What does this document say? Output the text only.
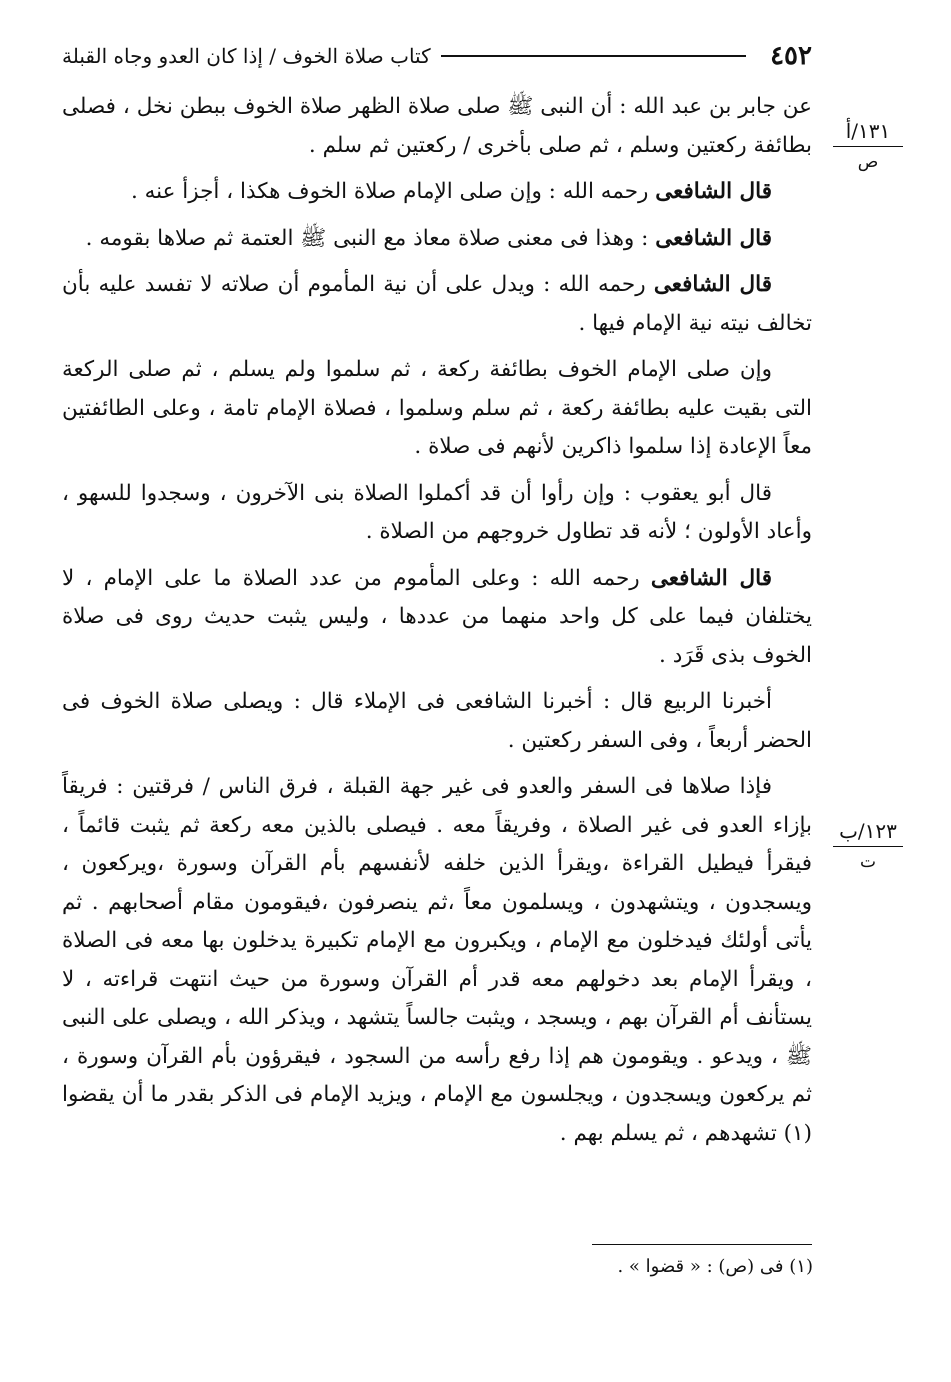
٤٥٢
كتاب صلاة الخوف / إذا كان العدو وجاه القبلة
١٣١/أ
ص
١٢٣/ب
ت

عن جابر بن عبد الله : أن النبى ﷺ صلى صلاة الظهر صلاة الخوف ببطن نخل ، فصلى بطائفة ركعتين وسلم ، ثم صلى بأخرى / ركعتين ثم سلم .

قال الشافعى رحمه الله : وإن صلى الإمام صلاة الخوف هكذا ، أجزأ عنه .

قال الشافعى : وهذا فى معنى صلاة معاذ مع النبى ﷺ العتمة ثم صلاها بقومه .

قال الشافعى رحمه الله : ويدل على أن نية المأموم أن صلاته لا تفسد عليه بأن تخالف نيته نية الإمام فيها .

وإن صلى الإمام الخوف بطائفة ركعة ، ثم سلموا ولم يسلم ، ثم صلى الركعة التى بقيت عليه بطائفة ركعة ، ثم سلم وسلموا ، فصلاة الإمام تامة ، وعلى الطائفتين معاً الإعادة إذا سلموا ذاكرين لأنهم فى صلاة .

قال أبو يعقوب : وإن رأوا أن قد أكملوا الصلاة بنى الآخرون ، وسجدوا للسهو ، وأعاد الأولون ؛ لأنه قد تطاول خروجهم من الصلاة .

قال الشافعى رحمه الله : وعلى المأموم من عدد الصلاة ما على الإمام ، لا يختلفان فيما على كل واحد منهما من عددها ، وليس يثبت حديث روى فى صلاة الخوف بذى قَرَد .

أخبرنا الربيع قال : أخبرنا الشافعى فى الإملاء قال : ويصلى صلاة الخوف فى الحضر أربعاً ، وفى السفر ركعتين .

فإذا صلاها فى السفر والعدو فى غير جهة القبلة ، فرق الناس / فرقتين : فريقاً بإزاء العدو فى غير الصلاة ، وفريقاً معه . فيصلى بالذين معه ركعة ثم يثبت قائماً ، فيقرأ فيطيل القراءة ،ويقرأ الذين خلفه لأنفسهم بأم القرآن وسورة ،ويركعون ، ويسجدون ، ويتشهدون ، ويسلمون معاً ،ثم ينصرفون ،فيقومون مقام أصحابهم . ثم يأتى أولئك فيدخلون مع الإمام ، ويكبرون مع الإمام تكبيرة يدخلون بها معه فى الصلاة ، ويقرأ الإمام بعد دخولهم معه قدر أم القرآن وسورة من حيث انتهت قراءته ، لا يستأنف أم القرآن بهم ، ويسجد ، ويثبت جالساً يتشهد ، ويذكر الله ، ويصلى على النبى ﷺ ، ويدعو . ويقومون هم إذا رفع رأسه من السجود ، فيقرؤون بأم القرآن وسورة ، ثم يركعون ويسجدون ، ويجلسون مع الإمام ، ويزيد الإمام فى الذكر بقدر ما أن يقضوا (١) تشهدهم ، ثم يسلم بهم .

(١) فى (ص) : « قضوا » .
